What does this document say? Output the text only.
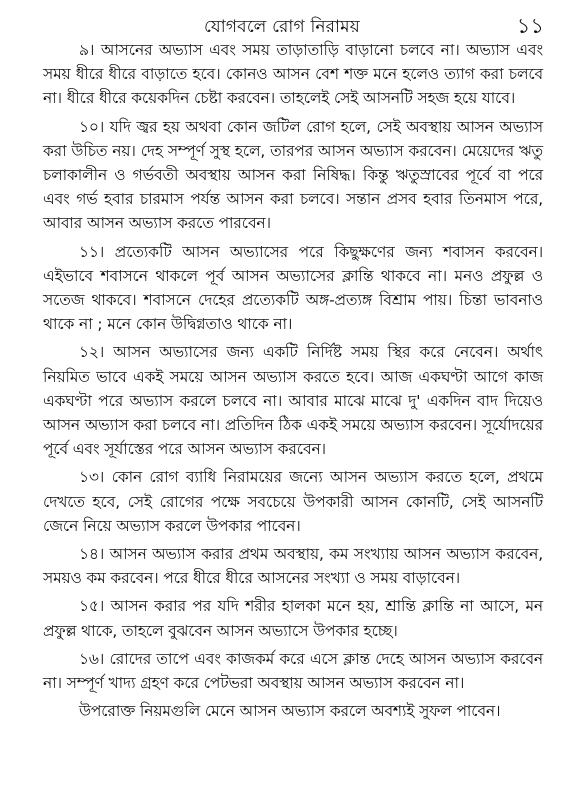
যোগবলে রোগ নিরাময়	১১

৯। আসনের অভ্যাস এবং সময় তাড়াতাড়ি বাড়ানো চলবে না। অভ্যাস এবং সময় ধীরে ধীরে বাড়াতে হবে। কোনও আসন বেশ শক্ত মনে হলেও ত্যাগ করা চলবে না। ধীরে ধীরে কয়েকদিন চেষ্টা করবেন। তাহলেই সেই আসনটি সহজ হয়ে যাবে।

১০। যদি জ্বর হয় অথবা কোন জটিল রোগ হলে, সেই অবস্থায় আসন অভ্যাস করা উচিত নয়। দেহ সম্পূর্ণ সুস্থ হলে, তারপর আসন অভ্যাস করবেন। মেয়েদের ঋতু চলাকালীন ও গর্ভবতী অবস্থায় আসন করা নিষিদ্ধ। কিন্তু ঋতুস্রাবের পূর্বে বা পরে এবং গর্ভ হবার চারমাস পর্যন্ত আসন করা চলবে। সন্তান প্রসব হবার তিনমাস পরে, আবার আসন অভ্যাস করতে পারবেন।

১১। প্রত্যেকটি আসন অভ্যাসের পরে কিছুক্ষণের জন্য শবাসন করবেন। এইভাবে শবাসনে থাকলে পূর্ব আসন অভ্যাসের ক্লান্তি থাকবে না। মনও প্রফুল্ল ও সতেজ থাকবে। শবাসনে দেহের প্রত্যেকটি অঙ্গ-প্রত্যঙ্গ বিশ্রাম পায়। চিন্তা ভাবনাও থাকে না ; মনে কোন উদ্বিগ্নতাও থাকে না।

১২। আসন অভ্যাসের জন্য একটি নির্দিষ্ট সময় স্থির করে নেবেন। অর্থাৎ নিয়মিত ভাবে একই সময়ে আসন অভ্যাস করতে হবে। আজ একঘণ্টা আগে কাজ একঘণ্টা পরে অভ্যাস করলে চলবে না। আবার মাঝে মাঝে দু' একদিন বাদ দিয়েও আসন অভ্যাস করা চলবে না। প্রতিদিন ঠিক একই সময়ে অভ্যাস করবেন। সূর্যোদয়ের পূর্বে এবং সূর্যাস্তের পরে আসন অভ্যাস করবেন।

১৩। কোন রোগ ব্যাধি নিরাময়ের জন্যে আসন অভ্যাস করতে হলে, প্রথমে দেখতে হবে, সেই রোগের পক্ষে সবচেয়ে উপকারী আসন কোনটি, সেই আসনটি জেনে নিয়ে অভ্যাস করলে উপকার পাবেন।

১৪। আসন অভ্যাস করার প্রথম অবস্থায়, কম সংখ্যায় আসন অভ্যাস করবেন, সময়ও কম করবেন। পরে ধীরে ধীরে আসনের সংখ্যা ও সময় বাড়াবেন।

১৫। আসন করার পর যদি শরীর হালকা মনে হয়, শ্রান্তি ক্লান্তি না আসে, মন প্রফুল্ল থাকে, তাহলে বুঝবেন আসন অভ্যাসে উপকার হচ্ছে।

১৬। রোদের তাপে এবং কাজকর্ম করে এসে ক্লান্ত দেহে আসন অভ্যাস করবেন না। সম্পূর্ণ খাদ্য গ্রহণ করে পেটভরা অবস্থায় আসন অভ্যাস করবেন না।

উপরোক্ত নিয়মগুলি মেনে আসন অভ্যাস করলে অবশ্যই সুফল পাবেন।
